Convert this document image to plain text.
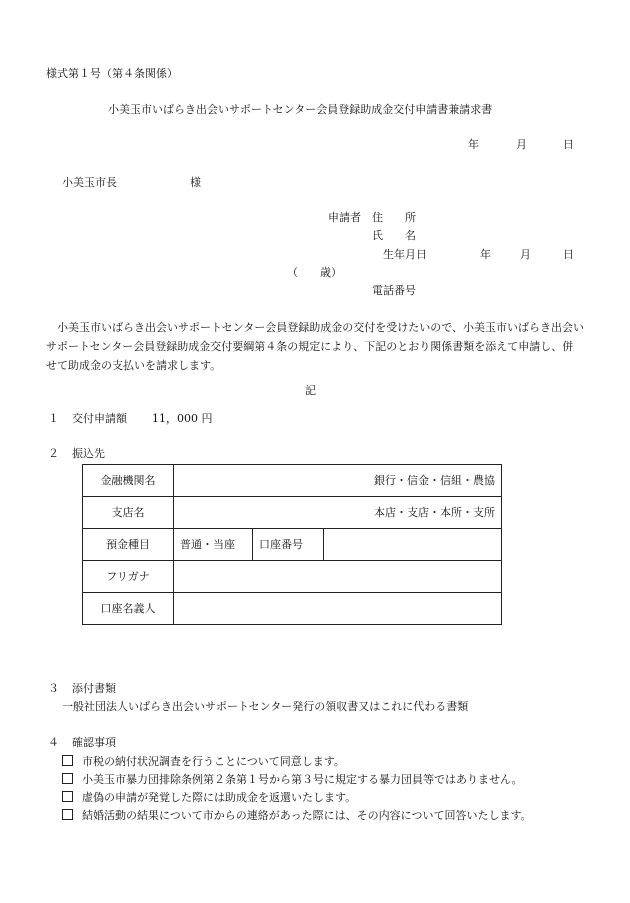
様式第１号（第４条関係）
小美玉市いばらき出会いサポートセンター会員登録助成金交付申請書兼請求書
年	月	日
小美玉市長	様
申請者 住　　所
氏　　名
生年月日	年	月	日
（　　歳）
電話番号
小美玉市いばらき出会いサポートセンター会員登録助成金の交付を受けたいので、小美玉市いばらき出会いサポートセンター会員登録助成金交付要綱第４条の規定により、下記のとおり関係書類を添えて申請し、併せて助成金の支払いを請求します。
記
１ 交付申請額 11，000 円
２ 振込先
金融機関名	銀行・信金・信組・農協		
支店名	本店・支店・本所・支所		
預金種目	普通・当座	口座番号	
フリガナ			
口座名義人			
３ 添付書類
一般社団法人いばらき出会いサポートセンター発行の領収書又はこれに代わる書類
４ 確認事項
市税の納付状況調査を行うことについて同意します。
小美玉市暴力団排除条例第２条第１号から第３号に規定する暴力団員等ではありません。
虚偽の申請が発覚した際には助成金を返還いたします。
結婚活動の結果について市からの連絡があった際には、その内容について回答いたします。
